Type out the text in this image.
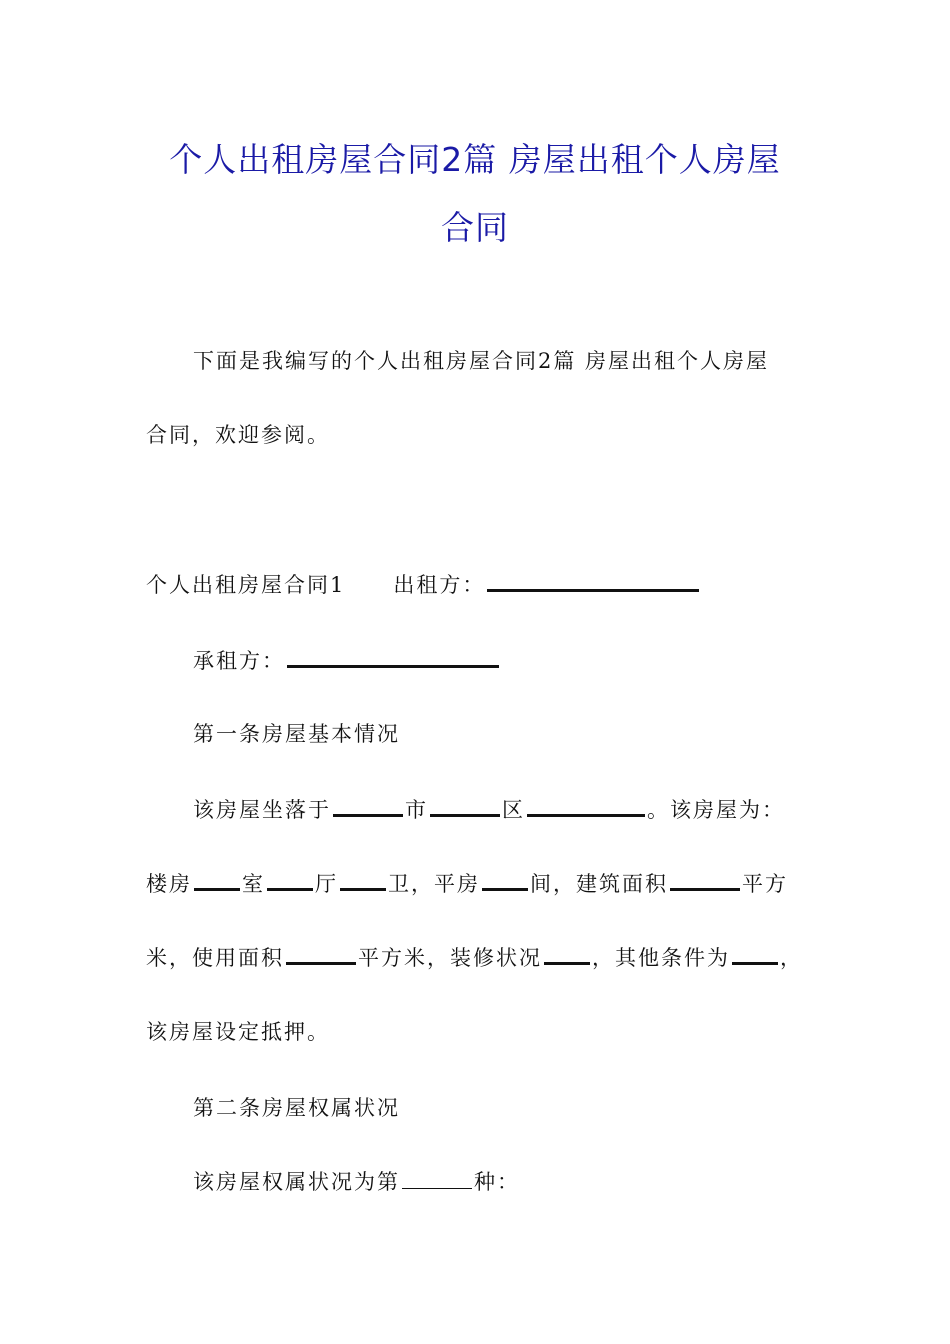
个人出租房屋合同2篇 房屋出租个人房屋
合同
下面是我编写的个人出租房屋合同2篇 房屋出租个人房屋
合同，欢迎参阅。
个人出租房屋合同1 出租方：
承租方：
第一条房屋基本情况
该房屋坐落于	市	区	。该房屋为：
楼房 室 厅 卫，平房 间，建筑面积	平方
米，使用面积	平方米，装修状况 ，其他条件为 ，
该房屋设定抵押。
第二条房屋权属状况
该房屋权属状况为第	种：
